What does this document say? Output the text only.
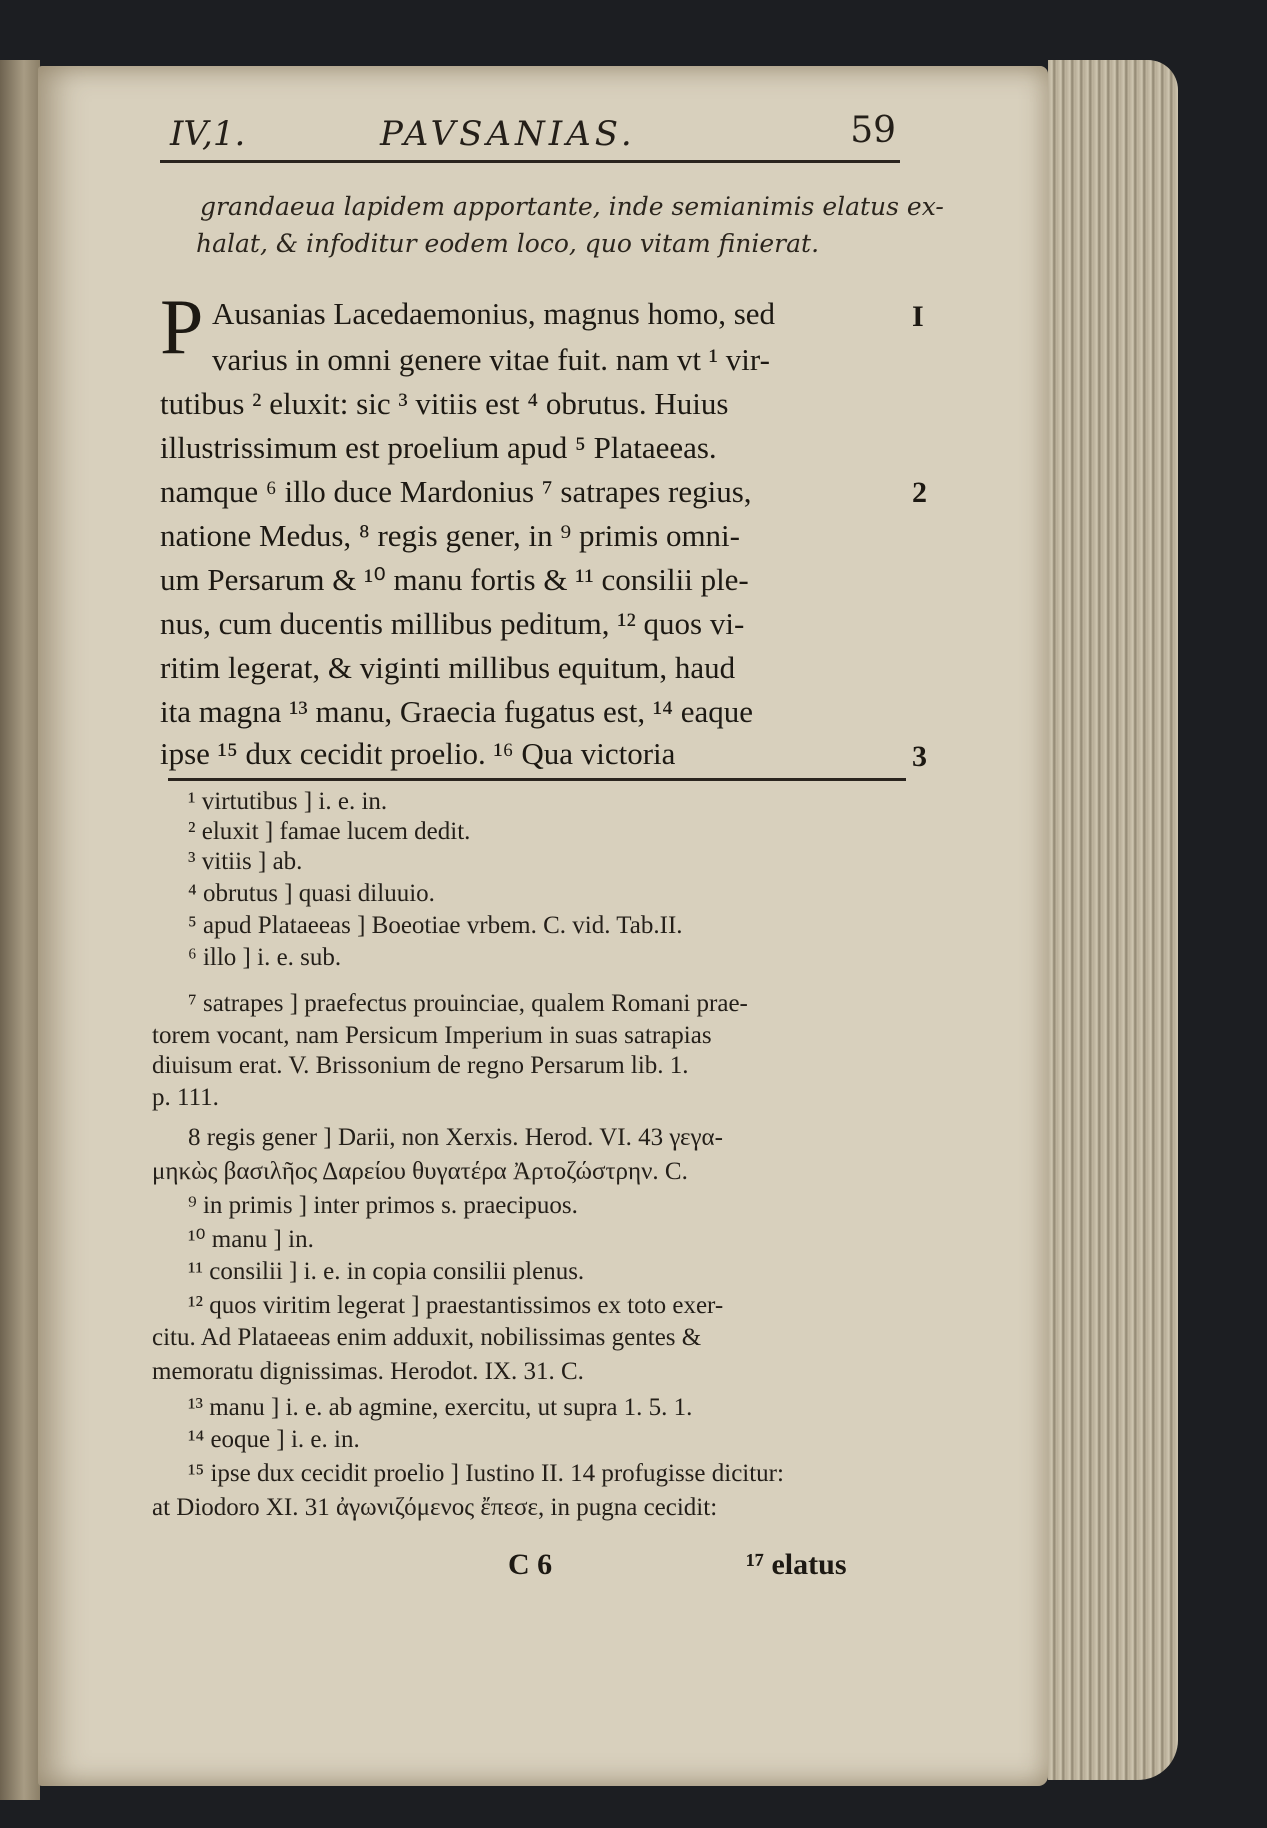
IV,1.	PAVSANIAS.	59
grandaeua lapidem apportante, inde semianimis elatus ex-
halat, & infoditur eodem loco, quo vitam finierat.
P Ausanias Lacedaemonius, magnus homo, sed
varius in omni genere vitae fuit. nam vt ¹ vir-
tutibus ² eluxit: sic ³ vitiis est ⁴ obrutus. Huius
illustrissimum est proelium apud ⁵ Plataeeas.
namque ⁶ illo duce Mardonius ⁷ satrapes regius,
natione Medus, ⁸ regis gener, in ⁹ primis omni-
um Persarum & ¹⁰ manu fortis & ¹¹ consilii ple-
nus, cum ducentis millibus peditum, ¹² quos vi-
ritim legerat, & viginti millibus equitum, haud
ita magna ¹³ manu, Graecia fugatus est, ¹⁴ eaque
ipse ¹⁵ dux cecidit proelio. ¹⁶ Qua victoria
I
2
3
¹ virtutibus ] i. e. in.
² eluxit ] famae lucem dedit.
³ vitiis ] ab.
⁴ obrutus ] quasi diluuio.
⁵ apud Plataeeas ] Boeotiae vrbem. C. vid. Tab.II.
⁶ illo ] i. e. sub.
⁷ satrapes ] praefectus prouinciae, qualem Romani prae-
torem vocant, nam Persicum Imperium in suas satrapias
diuisum erat. V. Brissonium de regno Persarum lib. 1.
p. 111.
8 regis gener ] Darii, non Xerxis. Herod. VI. 43 γεγα-
μηκὼς βασιλῆος Δαρείου θυγατέρα Ἀρτοζώστρην. C.
⁹ in primis ] inter primos s. praecipuos.
¹⁰ manu ] in.
¹¹ consilii ] i. e. in copia consilii plenus.
¹² quos viritim legerat ] praestantissimos ex toto exer-
citu. Ad Plataeeas enim adduxit, nobilissimas gentes &
memoratu dignissimas. Herodot. IX. 31. C.
¹³ manu ] i. e. ab agmine, exercitu, ut supra 1. 5. 1.
¹⁴ eoque ] i. e. in.
¹⁵ ipse dux cecidit proelio ] Iustino II. 14 profugisse dicitur:
at Diodoro XI. 31 ἀγωνιζόμενος ἔπεσε, in pugna cecidit:
C 6	¹⁷ elatus
